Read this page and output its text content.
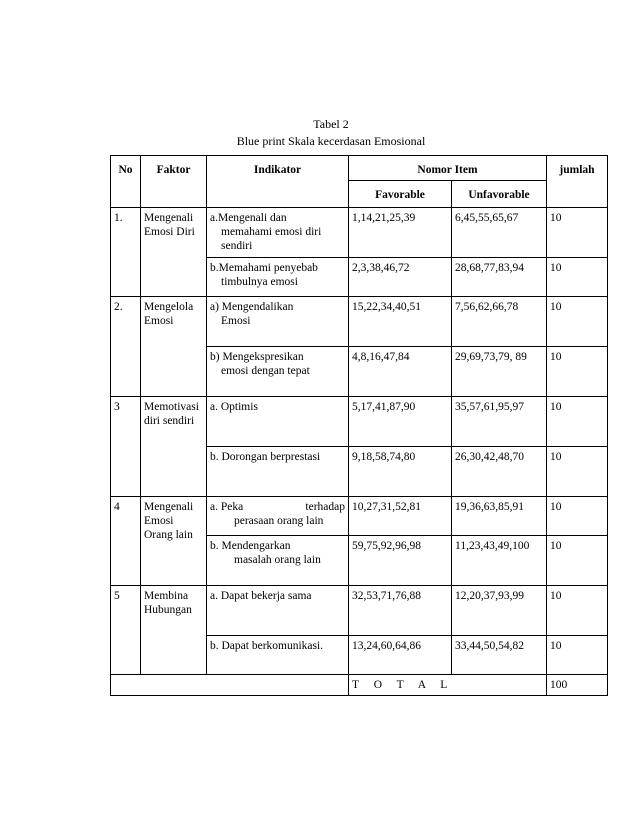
Tabel 2
Blue print Skala kecerdasan Emosional
No	Faktor	Indikator	Nomor Item		jumlah
			Favorable	Unfavorable	
1.	Mengenali Emosi Diri	a.Mengenali dan
memahami emosi diri sendiri	1,14,21,25,39	6,45,55,65,67	10

		b.Memahami penyebab
timbulnya emosi	2,3,38,46,72	28,68,77,83,94	10
2.	Mengelola Emosi	a) Mengendalikan
Emosi	15,22,34,40,51	7,56,62,66,78	10

		b) Mengekspresikan
emosi dengan tepat	4,8,16,47,84	29,69,73,79, 89	10
3	Memotivasi diri sendiri	a. Optimis	5,17,41,87,90	35,57,61,95,97	10

		b. Dorongan berprestasi	9,18,58,74,80	26,30,42,48,70	10
4	Mengenali Emosi Orang lain	a. Peka terhadap
perasaan orang lain	10,27,31,52,81	19,36,63,85,91	10

		b. Mendengarkan
masalah orang lain	59,75,92,96,98	11,23,43,49,100	10
5	Membina Hubungan	a. Dapat bekerja sama	32,53,71,76,88	12,20,37,93,99	10

		b. Dapat berkomunikasi.	13,24,60,64,86	33,44,50,54,82	10
			T O T A L		100
